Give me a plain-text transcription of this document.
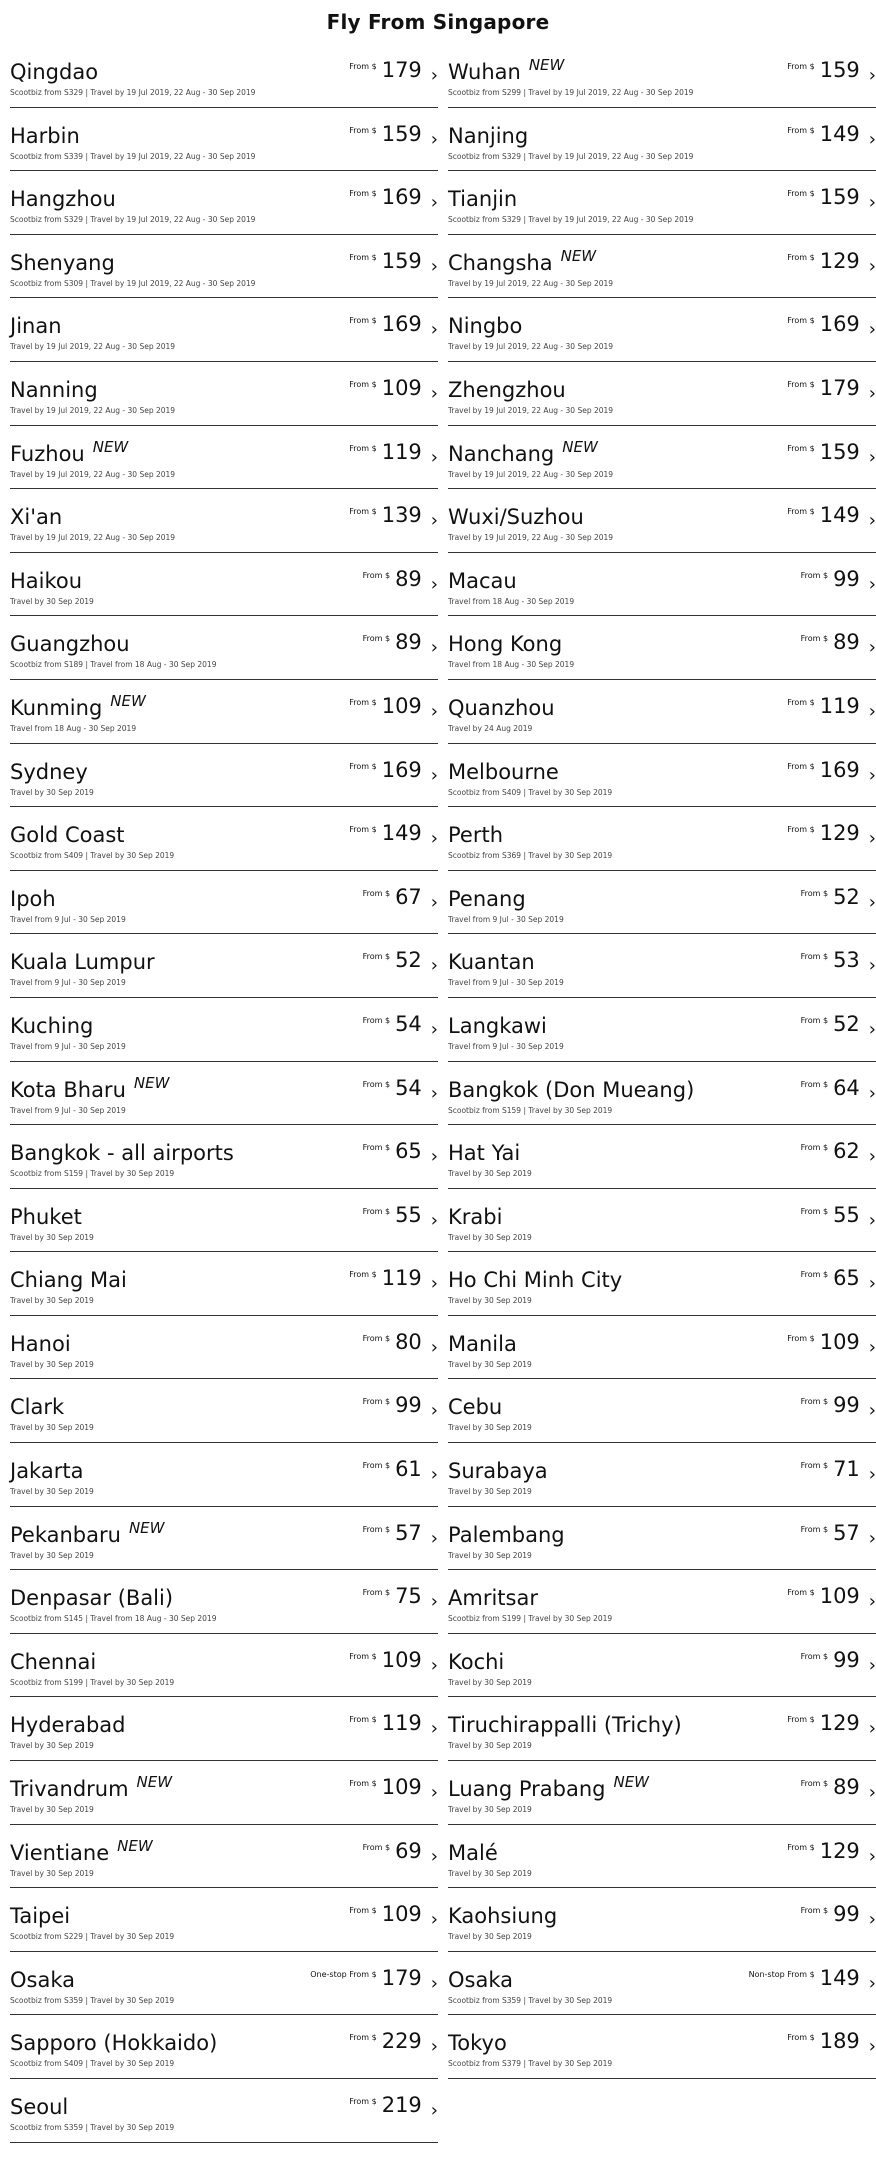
Fly From Singapore
Qingdao
Scootbiz from S329 | Travel by 19 Jul 2019, 22 Aug - 30 Sep 2019
From $ 179 › Wuhan $^{NEW}$
Scootbiz from S299 | Travel by 19 Jul 2019, 22 Aug - 30 Sep 2019
From $ 159 ›
Harbin
Scootbiz from S339 | Travel by 19 Jul 2019, 22 Aug - 30 Sep 2019
From $ 159 › Nanjing
Scootbiz from S329 | Travel by 19 Jul 2019, 22 Aug - 30 Sep 2019
From $ 149 ›
Hangzhou
Scootbiz from S329 | Travel by 19 Jul 2019, 22 Aug - 30 Sep 2019
From $ 169 › Tianjin
Scootbiz from S329 | Travel by 19 Jul 2019, 22 Aug - 30 Sep 2019
From $ 159 ›
Shenyang
Scootbiz from S309 | Travel by 19 Jul 2019, 22 Aug - 30 Sep 2019
From $ 159 › Changsha $^{NEW}$
Travel by 19 Jul 2019, 22 Aug - 30 Sep 2019
From $ 129 ›
Jinan
Travel by 19 Jul 2019, 22 Aug - 30 Sep 2019
From $ 169 › Ningbo
Travel by 19 Jul 2019, 22 Aug - 30 Sep 2019
From $ 169 ›
Nanning
Travel by 19 Jul 2019, 22 Aug - 30 Sep 2019
From $ 109 › Zhengzhou
Travel by 19 Jul 2019, 22 Aug - 30 Sep 2019
From $ 179 ›
Fuzhou $^{NEW}$
Travel by 19 Jul 2019, 22 Aug - 30 Sep 2019
From $ 119 › Nanchang $^{NEW}$
Travel by 19 Jul 2019, 22 Aug - 30 Sep 2019
From $ 159 ›
Xi'an
Travel by 19 Jul 2019, 22 Aug - 30 Sep 2019
From $ 139 › Wuxi/Suzhou
Travel by 19 Jul 2019, 22 Aug - 30 Sep 2019
From $ 149 ›
Haikou
Travel by 30 Sep 2019
From $ 89 › Macau
Travel from 18 Aug - 30 Sep 2019
From $ 99 ›
Guangzhou
Scootbiz from S189 | Travel from 18 Aug - 30 Sep 2019
From $ 89 › Hong Kong
Travel from 18 Aug - 30 Sep 2019
From $ 89 ›
Kunming $^{NEW}$
Travel from 18 Aug - 30 Sep 2019
From $ 109 › Quanzhou
Travel by 24 Aug 2019
From $ 119 ›
Sydney
Travel by 30 Sep 2019
From $ 169 › Melbourne
Scootbiz from S409 | Travel by 30 Sep 2019
From $ 169 ›
Gold Coast
Scootbiz from S409 | Travel by 30 Sep 2019
From $ 149 › Perth
Scootbiz from S369 | Travel by 30 Sep 2019
From $ 129 ›
Ipoh
Travel from 9 Jul - 30 Sep 2019
From $ 67 › Penang
Travel from 9 Jul - 30 Sep 2019
From $ 52 ›
Kuala Lumpur
Travel from 9 Jul - 30 Sep 2019
From $ 52 › Kuantan
Travel from 9 Jul - 30 Sep 2019
From $ 53 ›
Kuching
Travel from 9 Jul - 30 Sep 2019
From $ 54 › Langkawi
Travel from 9 Jul - 30 Sep 2019
From $ 52 ›
Kota Bharu $^{NEW}$
Travel from 9 Jul - 30 Sep 2019
From $ 54 › Bangkok (Don Mueang)
Scootbiz from S159 | Travel by 30 Sep 2019
From $ 64 ›
Bangkok - all airports
Scootbiz from S159 | Travel by 30 Sep 2019
From $ 65 › Hat Yai
Travel by 30 Sep 2019
From $ 62 ›
Phuket
Travel by 30 Sep 2019
From $ 55 › Krabi
Travel by 30 Sep 2019
From $ 55 ›
Chiang Mai
Travel by 30 Sep 2019
From $ 119 › Ho Chi Minh City
Travel by 30 Sep 2019
From $ 65 ›
Hanoi
Travel by 30 Sep 2019
From $ 80 › Manila
Travel by 30 Sep 2019
From $ 109 ›
Clark
Travel by 30 Sep 2019
From $ 99 › Cebu
Travel by 30 Sep 2019
From $ 99 ›
Jakarta
Travel by 30 Sep 2019
From $ 61 › Surabaya
Travel by 30 Sep 2019
From $ 71 ›
Pekanbaru $^{NEW}$
Travel by 30 Sep 2019
From $ 57 › Palembang
Travel by 30 Sep 2019
From $ 57 ›
Denpasar (Bali)
Scootbiz from S145 | Travel from 18 Aug - 30 Sep 2019
From $ 75 › Amritsar
Scootbiz from S199 | Travel by 30 Sep 2019
From $ 109 ›
Chennai
Scootbiz from S199 | Travel by 30 Sep 2019
From $ 109 › Kochi
Travel by 30 Sep 2019
From $ 99 ›
Hyderabad
Travel by 30 Sep 2019
From $ 119 › Tiruchirappalli (Trichy)
Travel by 30 Sep 2019
From $ 129 ›
Trivandrum $^{NEW}$
Travel by 30 Sep 2019
From $ 109 › Luang Prabang $^{NEW}$
Travel by 30 Sep 2019
From $ 89 ›
Vientiane $^{NEW}$
Travel by 30 Sep 2019
From $ 69 › Malé
Travel by 30 Sep 2019
From $ 129 ›
Taipei
Scootbiz from S229 | Travel by 30 Sep 2019
From $ 109 › Kaohsiung
Travel by 30 Sep 2019
From $ 99 ›
Osaka
Scootbiz from S359 | Travel by 30 Sep 2019
One-stop From $ 179 › Osaka
Scootbiz from S359 | Travel by 30 Sep 2019
Non-stop From $ 149 ›
Sapporo (Hokkaido)
Scootbiz from S409 | Travel by 30 Sep 2019
From $ 229 › Tokyo
Scootbiz from S379 | Travel by 30 Sep 2019
From $ 189 ›
Seoul
Scootbiz from S359 | Travel by 30 Sep 2019
From $ 219 ›
